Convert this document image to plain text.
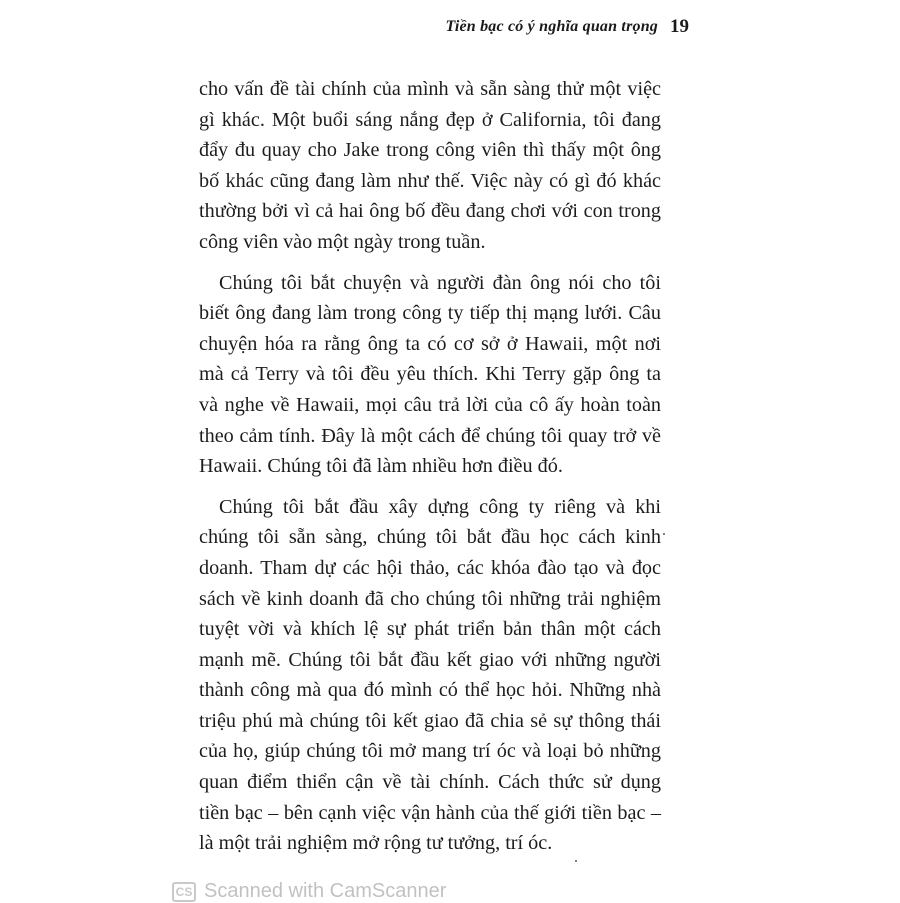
Tiền bạc có ý nghĩa quan trọng 19

cho vấn đề tài chính của mình và sẵn sàng thử một việc
gì khác. Một buổi sáng nắng đẹp ở California, tôi đang
đẩy đu quay cho Jake trong công viên thì thấy một ông
bố khác cũng đang làm như thế. Việc này có gì đó khác
thường bởi vì cả hai ông bố đều đang chơi với con trong
công viên vào một ngày trong tuần.

Chúng tôi bắt chuyện và người đàn ông nói cho tôi
biết ông đang làm trong công ty tiếp thị mạng lưới. Câu
chuyện hóa ra rằng ông ta có cơ sở ở Hawaii, một nơi
mà cả Terry và tôi đều yêu thích. Khi Terry gặp ông ta
và nghe về Hawaii, mọi câu trả lời của cô ấy hoàn toàn
theo cảm tính. Đây là một cách để chúng tôi quay trở về
Hawaii. Chúng tôi đã làm nhiều hơn điều đó.

Chúng tôi bắt đầu xây dựng công ty riêng và khi
chúng tôi sẵn sàng, chúng tôi bắt đầu học cách kinh
doanh. Tham dự các hội thảo, các khóa đào tạo và đọc
sách về kinh doanh đã cho chúng tôi những trải nghiệm
tuyệt vời và khích lệ sự phát triển bản thân một cách
mạnh mẽ. Chúng tôi bắt đầu kết giao với những người
thành công mà qua đó mình có thể học hỏi. Những nhà
triệu phú mà chúng tôi kết giao đã chia sẻ sự thông thái
của họ, giúp chúng tôi mở mang trí óc và loại bỏ những
quan điểm thiển cận về tài chính. Cách thức sử dụng
tiền bạc – bên cạnh việc vận hành của thế giới tiền bạc –
là một trải nghiệm mở rộng tư tưởng, trí óc.

CS Scanned with CamScanner
